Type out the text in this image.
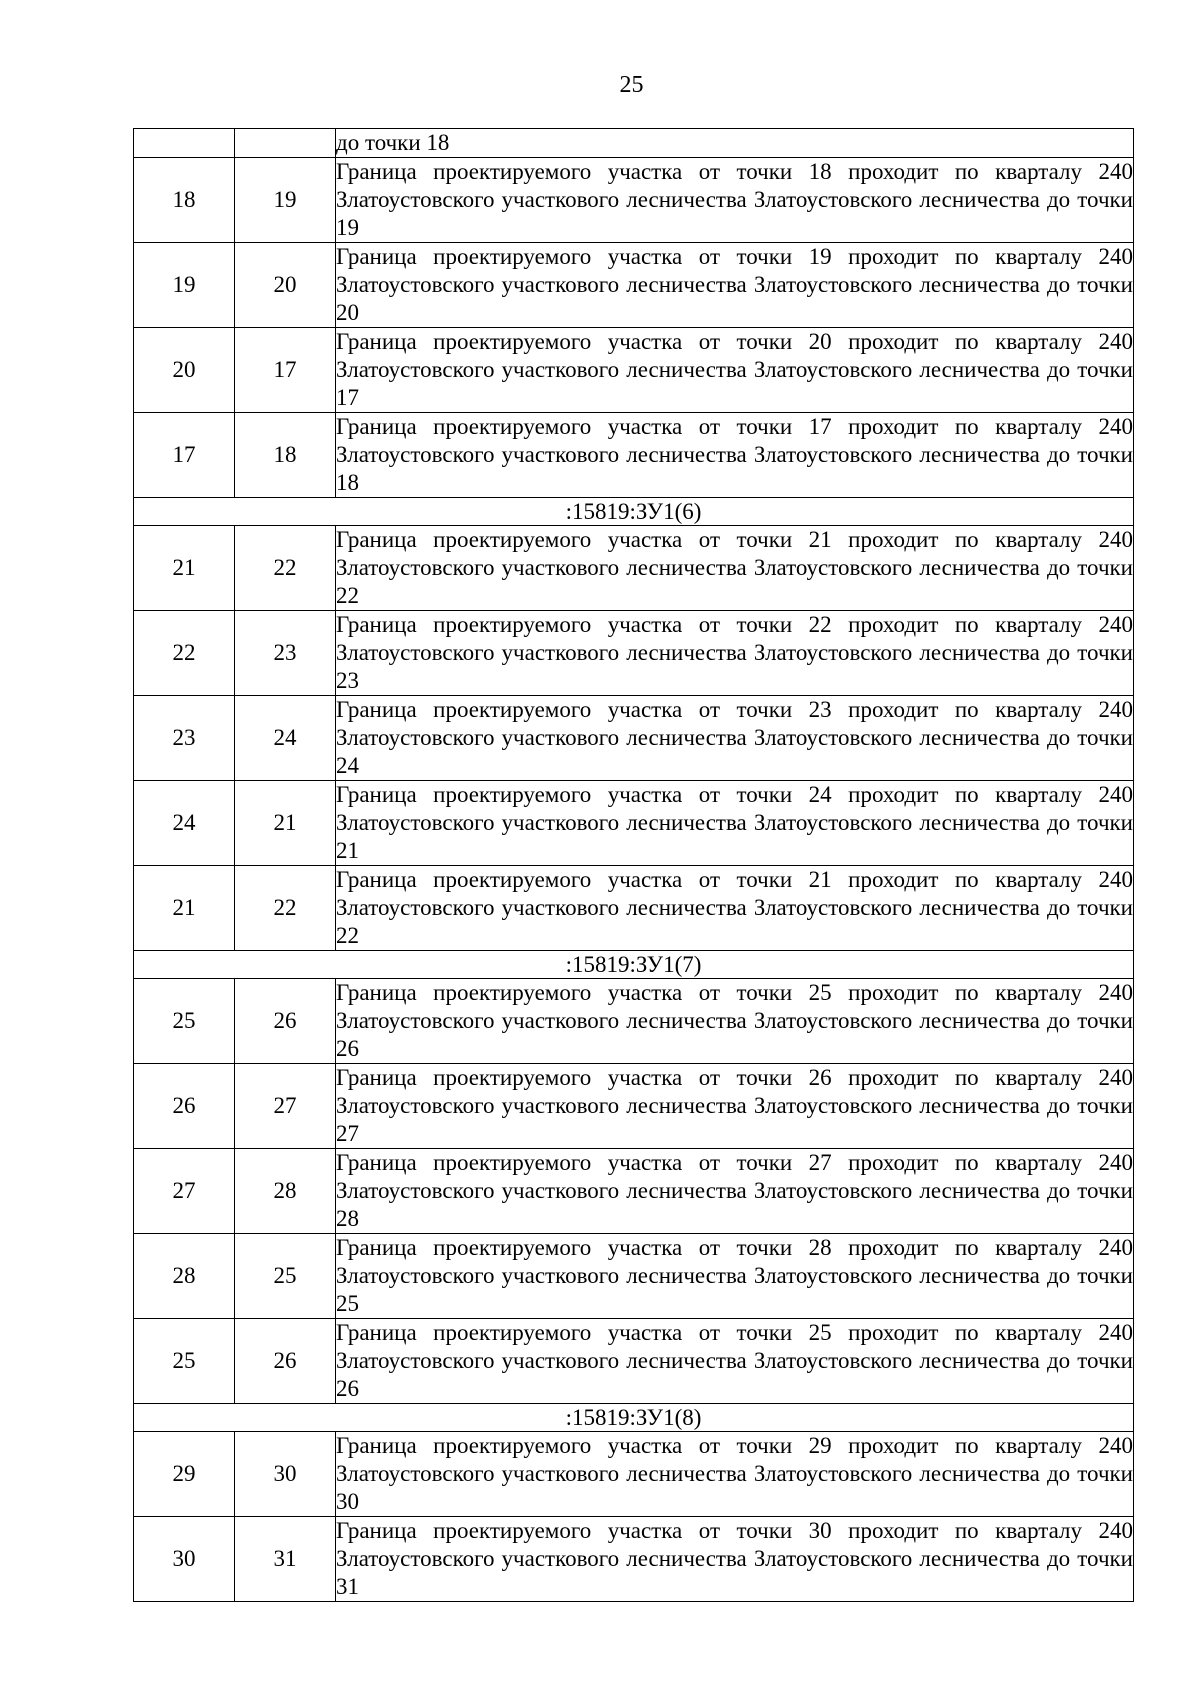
25
		до точки 18
18	19	Граница проектируемого участка от точки 18 проходит по кварталу 240 Златоустовского участкового лесничества Златоустовского лесничества до точки 19
19	20	Граница проектируемого участка от точки 19 проходит по кварталу 240 Златоустовского участкового лесничества Златоустовского лесничества до точки 20
20	17	Граница проектируемого участка от точки 20 проходит по кварталу 240 Златоустовского участкового лесничества Златоустовского лесничества до точки 17
17	18	Граница проектируемого участка от точки 17 проходит по кварталу 240 Златоустовского участкового лесничества Златоустовского лесничества до точки 18
:15819:ЗУ1(6)		
21	22	Граница проектируемого участка от точки 21 проходит по кварталу 240 Златоустовского участкового лесничества Златоустовского лесничества до точки 22
22	23	Граница проектируемого участка от точки 22 проходит по кварталу 240 Златоустовского участкового лесничества Златоустовского лесничества до точки 23
23	24	Граница проектируемого участка от точки 23 проходит по кварталу 240 Златоустовского участкового лесничества Златоустовского лесничества до точки 24
24	21	Граница проектируемого участка от точки 24 проходит по кварталу 240 Златоустовского участкового лесничества Златоустовского лесничества до точки 21
21	22	Граница проектируемого участка от точки 21 проходит по кварталу 240 Златоустовского участкового лесничества Златоустовского лесничества до точки 22
:15819:ЗУ1(7)		
25	26	Граница проектируемого участка от точки 25 проходит по кварталу 240 Златоустовского участкового лесничества Златоустовского лесничества до точки 26
26	27	Граница проектируемого участка от точки 26 проходит по кварталу 240 Златоустовского участкового лесничества Златоустовского лесничества до точки 27
27	28	Граница проектируемого участка от точки 27 проходит по кварталу 240 Златоустовского участкового лесничества Златоустовского лесничества до точки 28
28	25	Граница проектируемого участка от точки 28 проходит по кварталу 240 Златоустовского участкового лесничества Златоустовского лесничества до точки 25
25	26	Граница проектируемого участка от точки 25 проходит по кварталу 240 Златоустовского участкового лесничества Златоустовского лесничества до точки 26
:15819:ЗУ1(8)		
29	30	Граница проектируемого участка от точки 29 проходит по кварталу 240 Златоустовского участкового лесничества Златоустовского лесничества до точки 30
30	31	Граница проектируемого участка от точки 30 проходит по кварталу 240 Златоустовского участкового лесничества Златоустовского лесничества до точки 31
